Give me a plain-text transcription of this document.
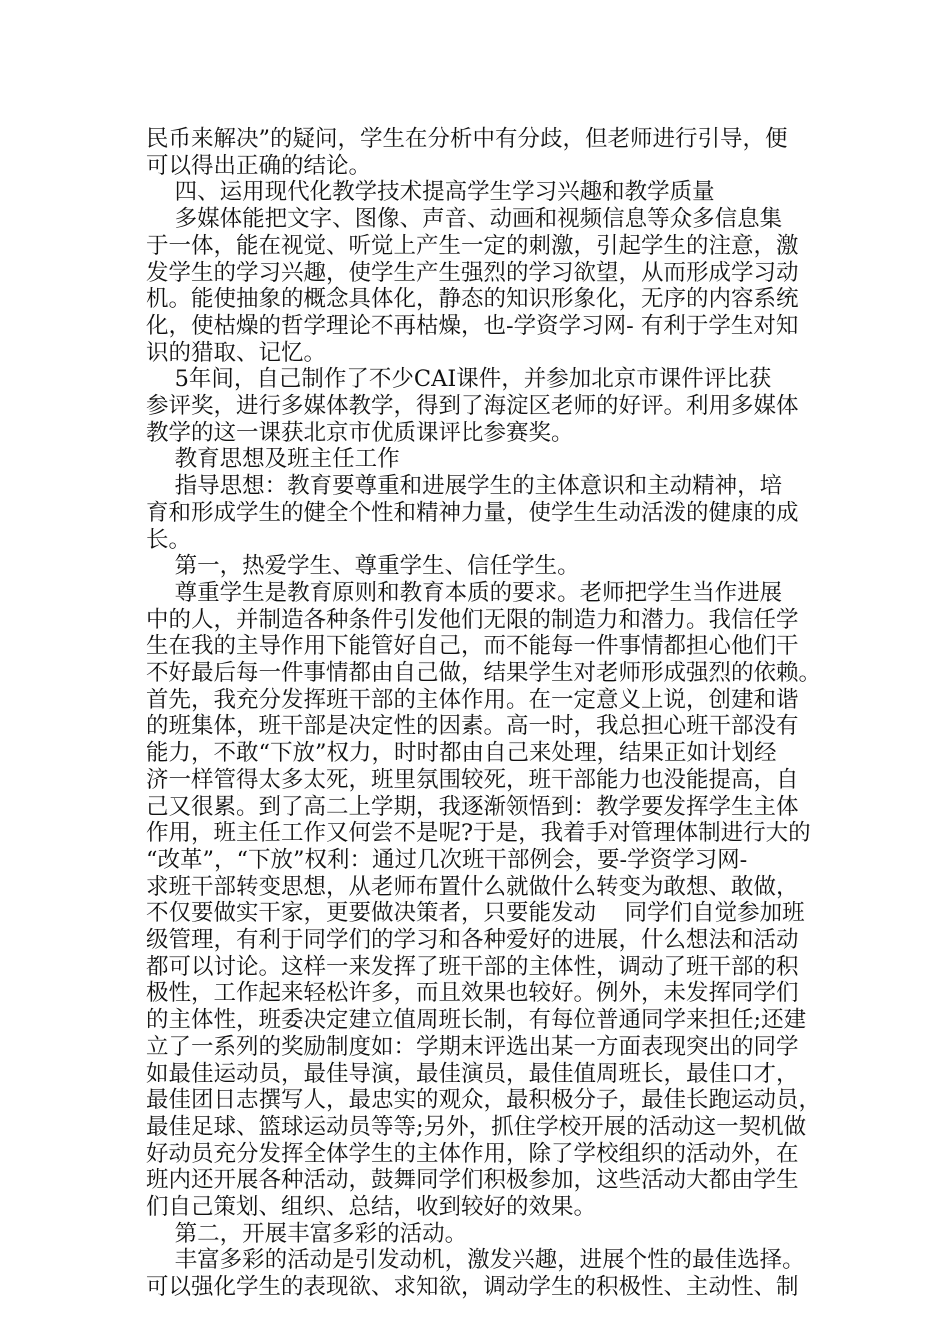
民币来解决”的疑问，学生在分析中有分歧，但老师进行引导，便
可以得出正确的结论。
四、运用现代化教学技术提高学生学习兴趣和教学质量
多媒体能把文字、图像、声音、动画和视频信息等众多信息集
于一体，能在视觉、听觉上产生一定的刺激，引起学生的注意，激
发学生的学习兴趣，使学生产生强烈的学习欲望，从而形成学习动
机。能使抽象的概念具体化，静态的知识形象化，无序的内容系统
化，使枯燥的哲学理论不再枯燥，也-学资学习网- 有利于学生对知
识的猎取、记忆。
5年间，自己制作了不少CAI课件，并参加北京市课件评比获
参评奖，进行多媒体教学，得到了海淀区老师的好评。利用多媒体
教学的这一课获北京市优质课评比参赛奖。
教育思想及班主任工作
指导思想：教育要尊重和进展学生的主体意识和主动精神，培
育和形成学生的健全个性和精神力量，使学生生动活泼的健康的成
长。
第一，热爱学生、尊重学生、信任学生。
尊重学生是教育原则和教育本质的要求。老师把学生当作进展
中的人，并制造各种条件引发他们无限的制造力和潜力。我信任学
生在我的主导作用下能管好自己，而不能每一件事情都担心他们干
不好最后每一件事情都由自己做，结果学生对老师形成强烈的依赖。
首先，我充分发挥班干部的主体作用。在一定意义上说，创建和谐
的班集体，班干部是决定性的因素。高一时，我总担心班干部没有
能力，不敢“下放”权力，时时都由自己来处理，结果正如计划经
济一样管得太多太死，班里氛围较死，班干部能力也没能提高，自
己又很累。到了高二上学期，我逐渐领悟到：教学要发挥学生主体
作用，班主任工作又何尝不是呢?于是，我着手对管理体制进行大的
“改革”，“下放”权利：通过几次班干部例会，要-学资学习网-
求班干部转变思想，从老师布置什么就做什么转变为敢想、敢做，
不仅要做实干家，更要做决策者，只要能发动    同学们自觉参加班
级管理，有利于同学们的学习和各种爱好的进展，什么想法和活动
都可以讨论。这样一来发挥了班干部的主体性，调动了班干部的积
极性，工作起来轻松许多，而且效果也较好。例外，未发挥同学们
的主体性，班委决定建立值周班长制，有每位普通同学来担任;还建
立了一系列的奖励制度如：学期末评选出某一方面表现突出的同学
如最佳运动员，最佳导演，最佳演员，最佳值周班长，最佳口才，
最佳团日志撰写人，最忠实的观众，最积极分子，最佳长跑运动员，
最佳足球、篮球运动员等等;另外，抓住学校开展的活动这一契机做
好动员充分发挥全体学生的主体作用，除了学校组织的活动外，在
班内还开展各种活动，鼓舞同学们积极参加，这些活动大都由学生
们自己策划、组织、总结，收到较好的效果。
第二，开展丰富多彩的活动。
丰富多彩的活动是引发动机，激发兴趣，进展个性的最佳选择。
可以强化学生的表现欲、求知欲，调动学生的积极性、主动性、制
